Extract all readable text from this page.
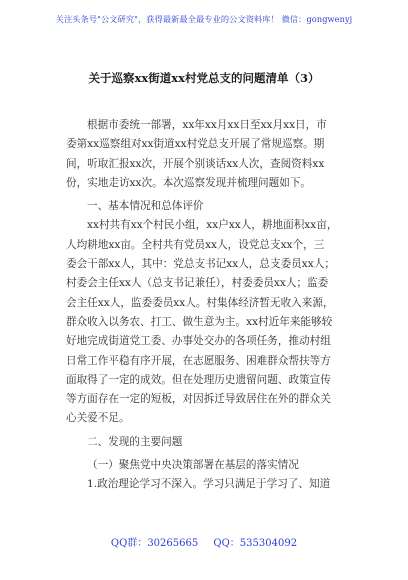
关注头条号"公文研究"，获得最新最全最专业的公文资料库！ 微信：gongwenyj
关于巡察xx街道xx村党总支的问题清单（3）
根据市委统一部署，xx年xx月xx日至xx月xx日，市
委第xx巡察组对xx街道xx村党总支开展了常规巡察。期
间，听取汇报xx次，开展个别谈话xx人次，查阅资料xx
份，实地走访xx次。本次巡察发现并梳理问题如下。
一、基本情况和总体评价
xx村共有xx个村民小组，xx户xx人，耕地面积xx亩，
人均耕地xx亩。全村共有党员xx人，设党总支xx个，三
委会干部xx人，其中：党总支书记xx人，总支委员xx人；
村委会主任xx人（总支书记兼任），村委委员xx人；监委
会主任xx人，监委委员xx人。村集体经济暂无收入来源，
群众收入以务农、打工、做生意为主。xx村近年来能够较
好地完成街道党工委、办事处交办的各项任务，推动村组
日常工作平稳有序开展，在志愿服务、困难群众帮扶等方
面取得了一定的成效。但在处理历史遗留问题、政策宣传
等方面存在一定的短板，对因拆迁导致居住在外的群众关
心关爱不足。
二、发现的主要问题
（一）聚焦党中央决策部署在基层的落实情况
1.政治理论学习不深入。学习只满足于学习了、知道
QQ群：30265665 QQ：535304092
